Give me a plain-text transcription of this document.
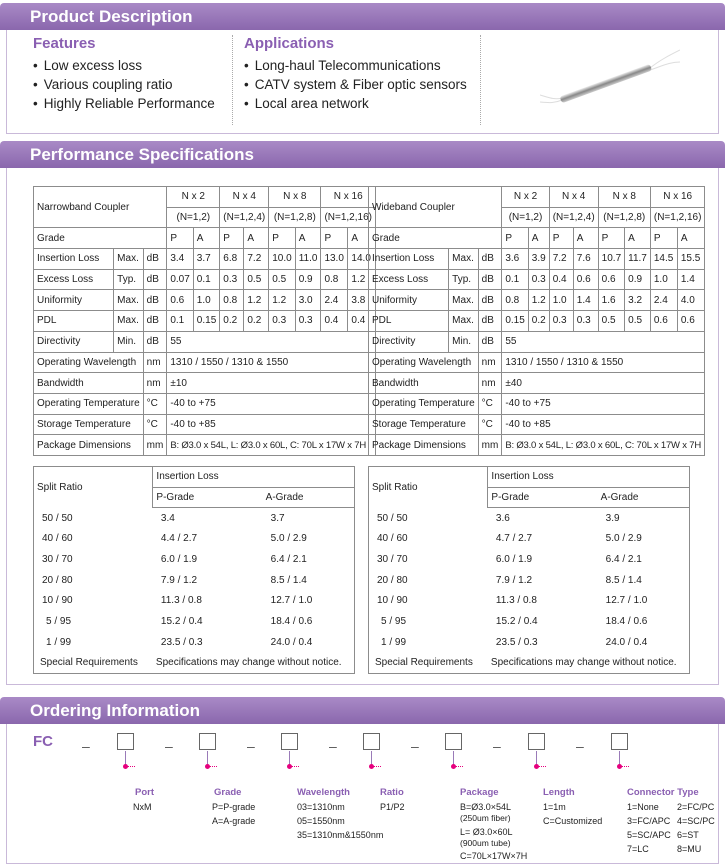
Product Description
Features
• Low excess loss
• Various coupling ratio
• Highly Reliable Performance
Applications
• Long-haul Telecommunications
• CATV system & Fiber optic sensors
• Local area network
Performance Specifications
Narrowband Coupler			N x 2		N x 4		N x 8		N x 16	
			(N=1,2)		(N=1,2,4)		(N=1,2,8)		(N=1,2,16)	
Grade			P	A	P	A	P	A	P	A
Insertion Loss	Max.	dB	3.4	3.7	6.8	7.2	10.0	11.0	13.0	14.0
Excess Loss	Typ.	dB	0.07	0.1	0.3	0.5	0.5	0.9	0.8	1.2
Uniformity	Max.	dB	0.6	1.0	0.8	1.2	1.2	3.0	2.4	3.8
PDL	Max.	dB	0.1	0.15	0.2	0.2	0.3	0.3	0.4	0.4
Directivity	Min.	dB	55							
Operating Wavelength		nm	1310 / 1550 / 1310 & 1550							
Bandwidth		nm	±10							
Operating Temperature		°C	-40 to +75							
Storage Temperature		°C	-40 to +85							
Package Dimensions		mm	B: Ø3.0 x 54L, L: Ø3.0 x 60L, C: 70L x 17W x 7H							
Split Ratio	Insertion Loss	
	P-Grade	A-Grade
50 / 50	3.4	3.7
40 / 60	4.4 / 2.7	5.0 / 2.9
30 / 70	6.0 / 1.9	6.4 / 2.1
20 / 80	7.9 / 1.2	8.5 / 1.4
10 / 90	11.3 / 0.8	12.7 / 1.0
5 / 95	15.2 / 0.4	18.4 / 0.6
1 / 99	23.5 / 0.3	24.0 / 0.4
Special Requirements	Specifications may change without notice.	
Wideband Coupler			N x 2		N x 4		N x 8		N x 16	
			(N=1,2)		(N=1,2,4)		(N=1,2,8)		(N=1,2,16)	
Grade			P	A	P	A	P	A	P	A
Insertion Loss	Max.	dB	3.6	3.9	7.2	7.6	10.7	11.7	14.5	15.5
Excess Loss	Typ.	dB	0.1	0.3	0.4	0.6	0.6	0.9	1.0	1.4
Uniformity	Max.	dB	0.8	1.2	1.0	1.4	1.6	3.2	2.4	4.0
PDL	Max.	dB	0.15	0.2	0.3	0.3	0.5	0.5	0.6	0.6
Directivity	Min.	dB	55							
Operating Wavelength		nm	1310 / 1550 / 1310 & 1550							
Bandwidth		nm	±40							
Operating Temperature		°C	-40 to +75							
Storage Temperature		°C	-40 to +85							
Package Dimensions		mm	B: Ø3.0 x 54L, L: Ø3.0 x 60L, C: 70L x 17W x 7H							
Split Ratio	Insertion Loss	
	P-Grade	A-Grade
50 / 50	3.6	3.9
40 / 60	4.7 / 2.7	5.0 / 2.9
30 / 70	6.0 / 1.9	6.4 / 2.1
20 / 80	7.9 / 1.2	8.5 / 1.4
10 / 90	11.3 / 0.8	12.7 / 1.0
5 / 95	15.2 / 0.4	18.4 / 0.6
1 / 99	23.5 / 0.3	24.0 / 0.4
Special Requirements	Specifications may change without notice.	
Ordering Information
FC –	–	–	–	–	–	–
Port
NxM
Grade
P=P-grade
A=A-grade
Wavelength
03=1310nm
05=1550nm
35=1310nm&1550nm
Ratio
P1/P2
Package
B=Ø3.0×54L
(250um fiber)
L= Ø3.0×60L
(900um tube)
C=70L×17W×7H
Length
1=1m
C=Customized
Connector Type
1=None
3=FC/APC
5=SC/APC
7=LC
2=FC/PC
4=SC/PC
6=ST
8=MU
